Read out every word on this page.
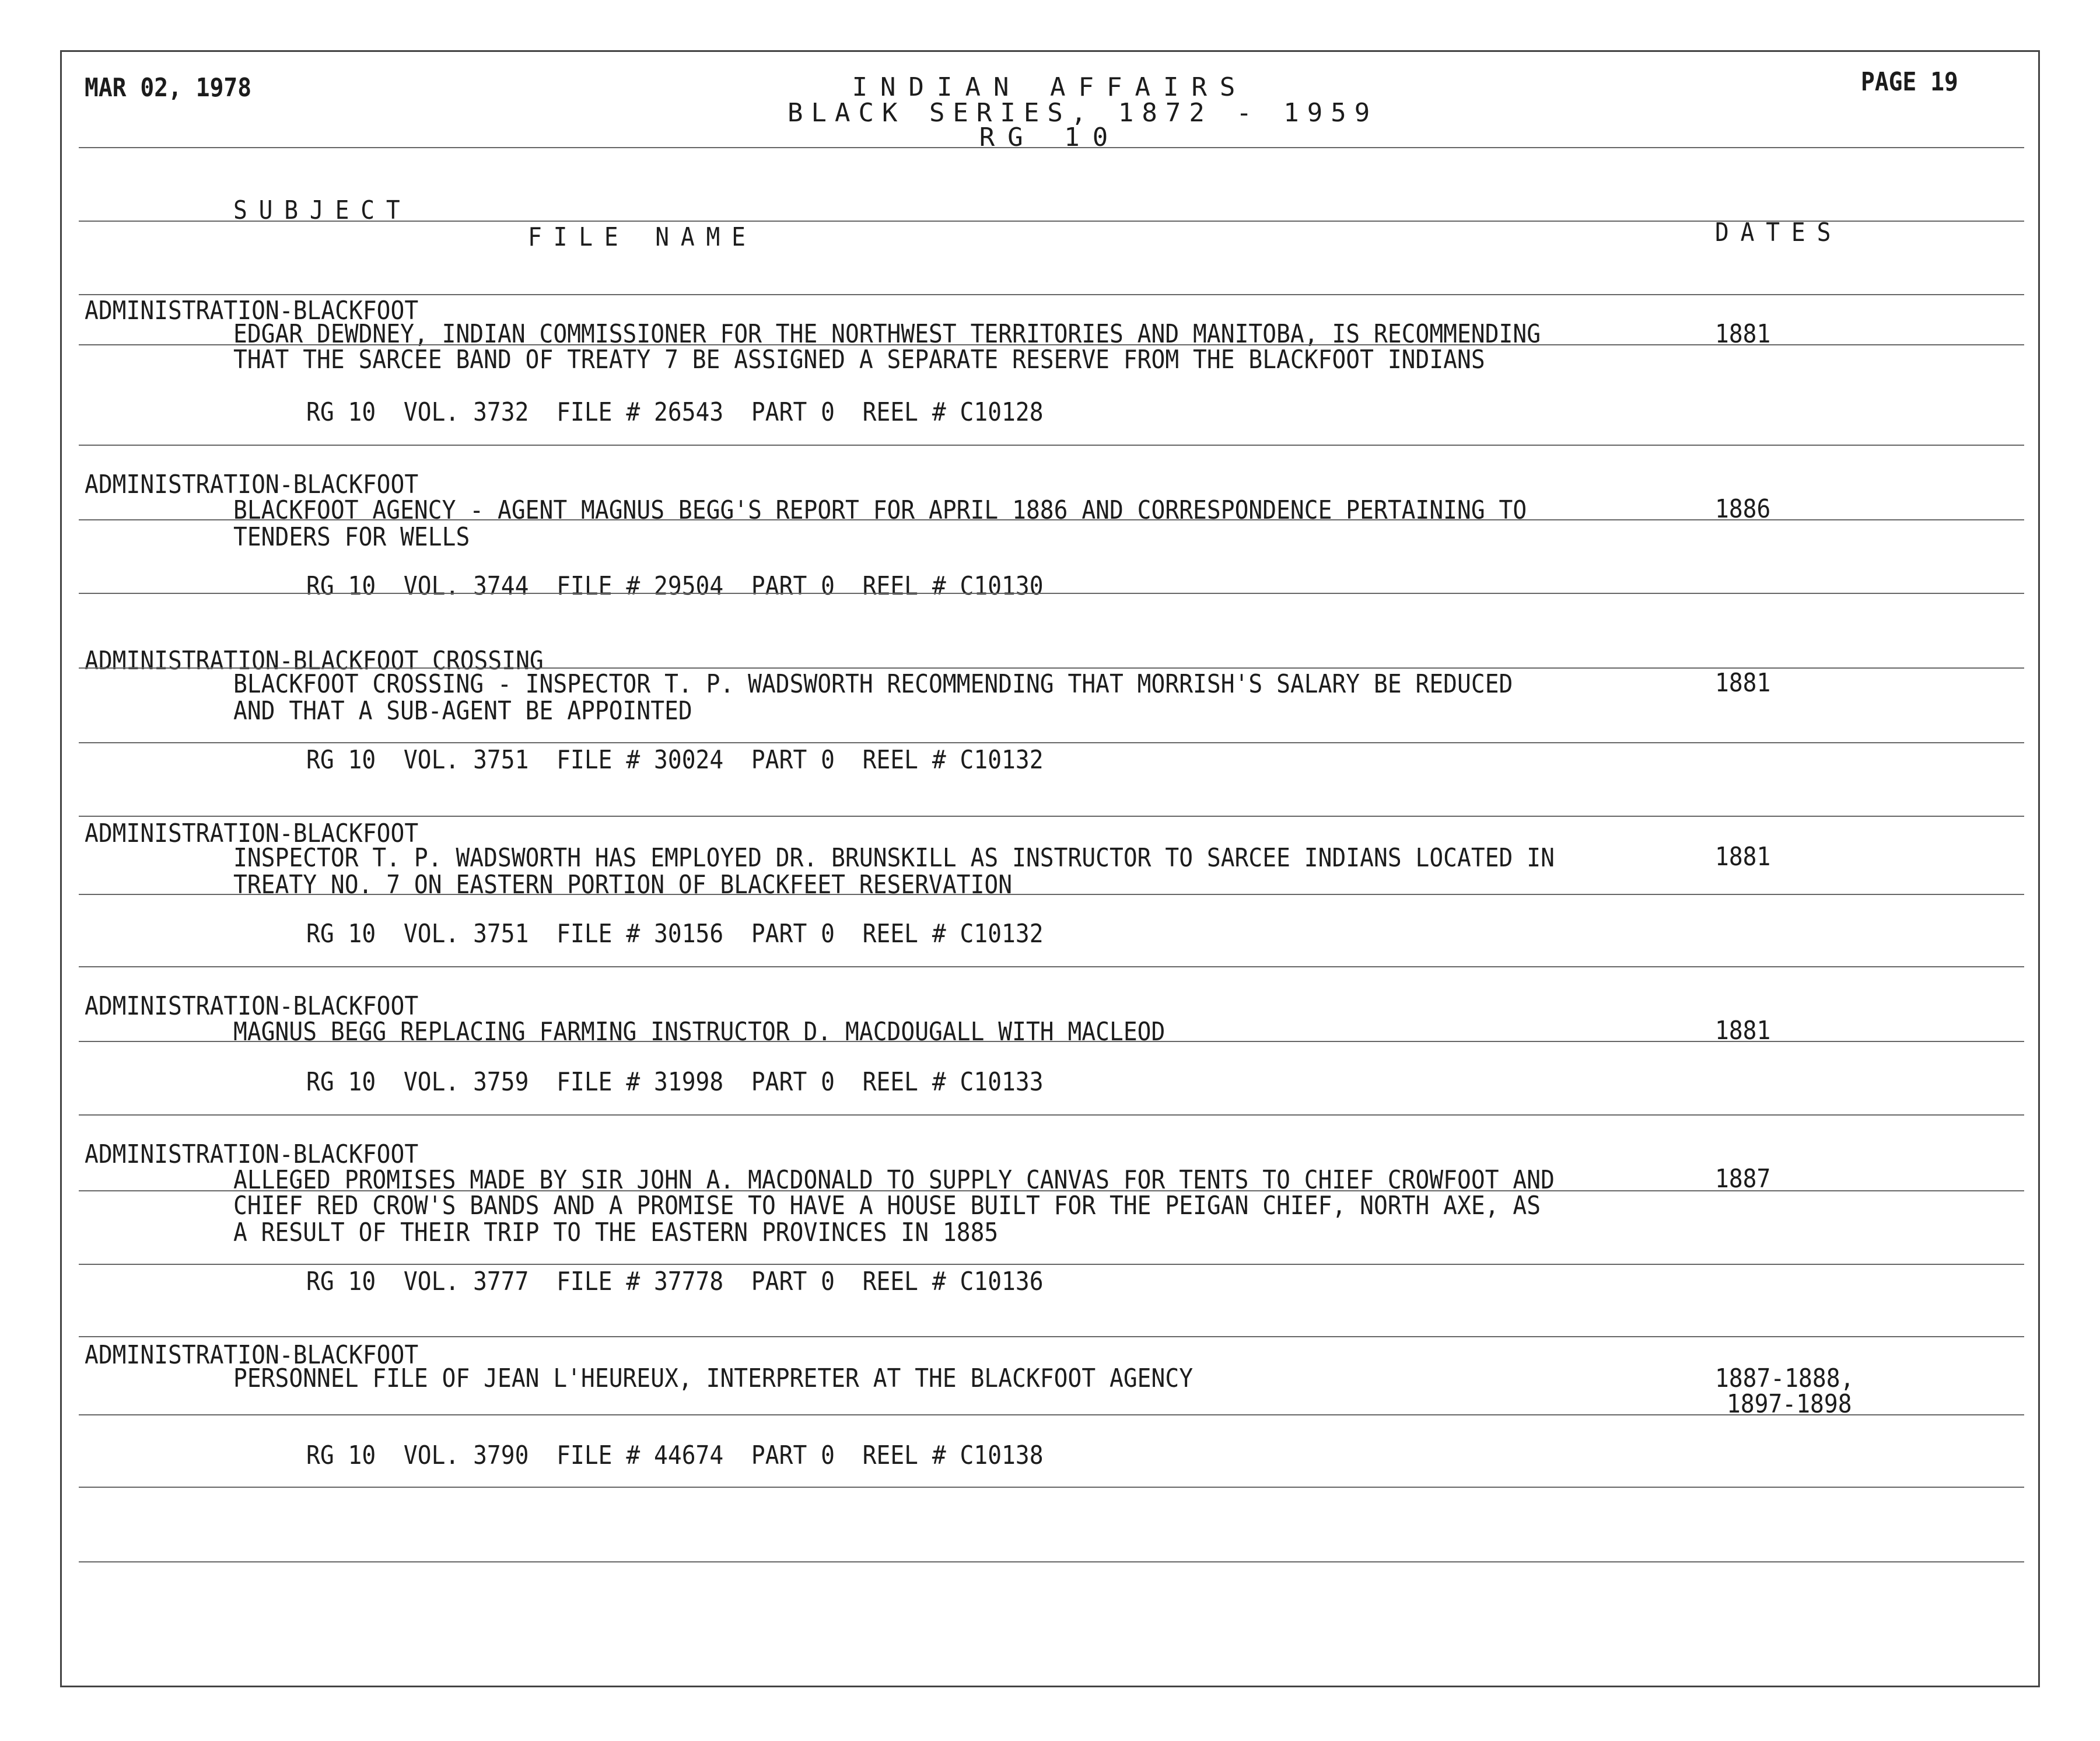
MAR 02, 1978	PAGE 19
INDIAN AFFAIRS
BLACK SERIES, 1872 - 1959
RG 10
SUBJECT
FILE NAME	DATES
ADMINISTRATION-BLACKFOOT
EDGAR DEWDNEY, INDIAN COMMISSIONER FOR THE NORTHWEST TERRITORIES AND MANITOBA, IS RECOMMENDING	1881
THAT THE SARCEE BAND OF TREATY 7 BE ASSIGNED A SEPARATE RESERVE FROM THE BLACKFOOT INDIANS
RG 10  VOL. 3732  FILE # 26543  PART 0  REEL # C10128
ADMINISTRATION-BLACKFOOT
BLACKFOOT AGENCY - AGENT MAGNUS BEGG'S REPORT FOR APRIL 1886 AND CORRESPONDENCE PERTAINING TO	1886
TENDERS FOR WELLS
RG 10  VOL. 3744  FILE # 29504  PART 0  REEL # C10130
ADMINISTRATION-BLACKFOOT CROSSING
BLACKFOOT CROSSING - INSPECTOR T. P. WADSWORTH RECOMMENDING THAT MORRISH'S SALARY BE REDUCED	1881
AND THAT A SUB-AGENT BE APPOINTED
RG 10  VOL. 3751  FILE # 30024  PART 0  REEL # C10132
ADMINISTRATION-BLACKFOOT
INSPECTOR T. P. WADSWORTH HAS EMPLOYED DR. BRUNSKILL AS INSTRUCTOR TO SARCEE INDIANS LOCATED IN	1881
TREATY NO. 7 ON EASTERN PORTION OF BLACKFEET RESERVATION
RG 10  VOL. 3751  FILE # 30156  PART 0  REEL # C10132
ADMINISTRATION-BLACKFOOT
MAGNUS BEGG REPLACING FARMING INSTRUCTOR D. MACDOUGALL WITH MACLEOD	1881
RG 10  VOL. 3759  FILE # 31998  PART 0  REEL # C10133
ADMINISTRATION-BLACKFOOT
ALLEGED PROMISES MADE BY SIR JOHN A. MACDONALD TO SUPPLY CANVAS FOR TENTS TO CHIEF CROWFOOT AND	1887
CHIEF RED CROW'S BANDS AND A PROMISE TO HAVE A HOUSE BUILT FOR THE PEIGAN CHIEF, NORTH AXE, AS
A RESULT OF THEIR TRIP TO THE EASTERN PROVINCES IN 1885
RG 10  VOL. 3777  FILE # 37778  PART 0  REEL # C10136
ADMINISTRATION-BLACKFOOT
PERSONNEL FILE OF JEAN L'HEUREUX, INTERPRETER AT THE BLACKFOOT AGENCY	1887-1888,
1897-1898
RG 10  VOL. 3790  FILE # 44674  PART 0  REEL # C10138
